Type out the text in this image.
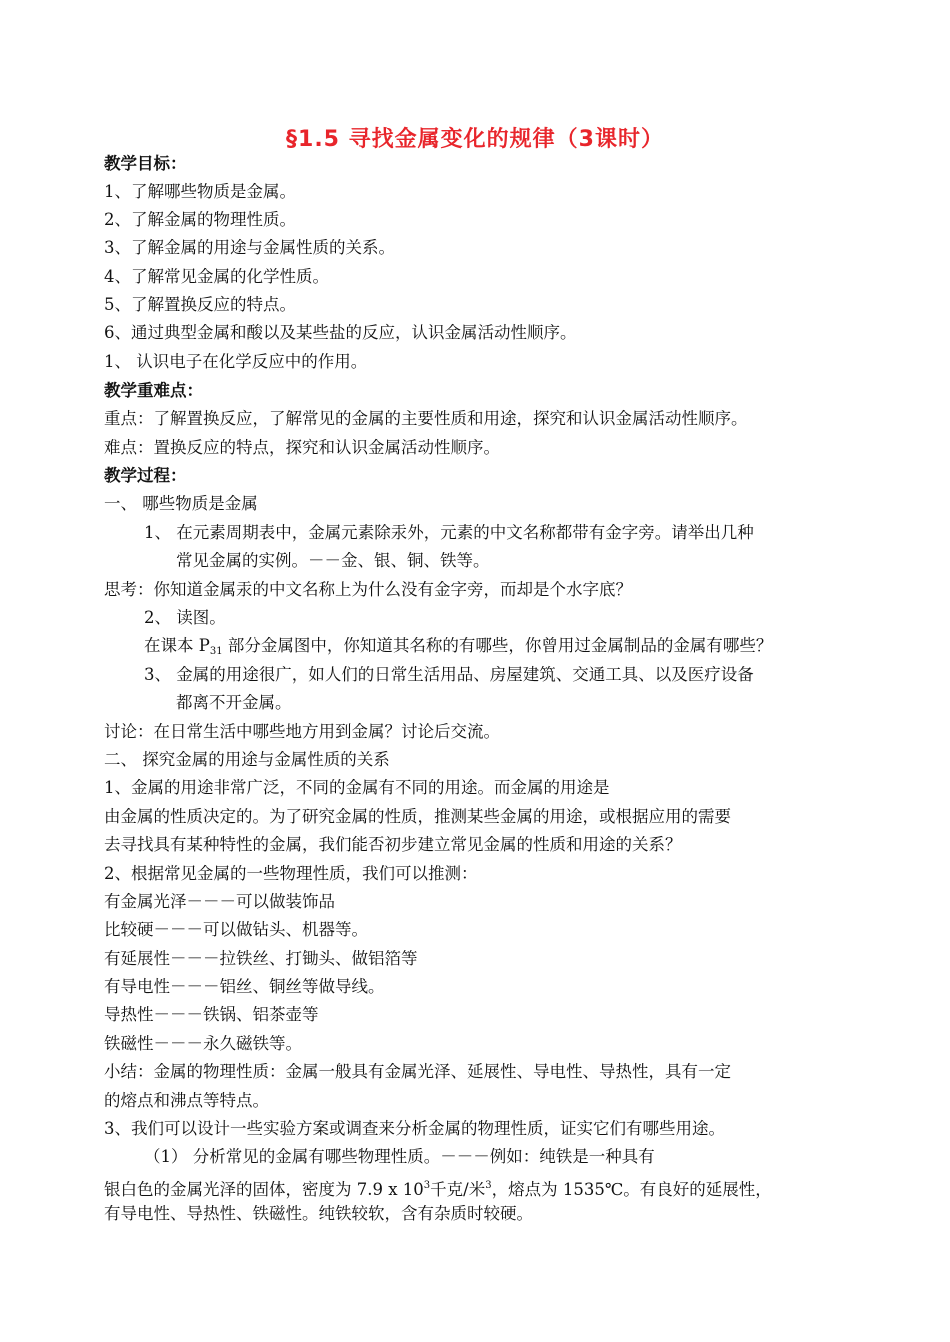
§1.5 寻找金属变化的规律（3课时）
教学目标：
1、了解哪些物质是金属。
2、了解金属的物理性质。
3、了解金属的用途与金属性质的关系。
4、了解常见金属的化学性质。
5、了解置换反应的特点。
6、通过典型金属和酸以及某些盐的反应，认识金属活动性顺序。
1、 认识电子在化学反应中的作用。
教学重难点：
重点：了解置换反应，了解常见的金属的主要性质和用途，探究和认识金属活动性顺序。
难点：置换反应的特点，探究和认识金属活动性顺序。
教学过程：
一、 哪些物质是金属
1、 在元素周期表中，金属元素除汞外，元素的中文名称都带有金字旁。请举出几种
常见金属的实例。－－金、银、铜、铁等。
思考：你知道金属汞的中文名称上为什么没有金字旁，而却是个水字底？
2、 读图。
在课本 $P_{31}$ 部分金属图中，你知道其名称的有哪些，你曾用过金属制品的金属有哪些？
3、 金属的用途很广，如人们的日常生活用品、房屋建筑、交通工具、以及医疗设备
都离不开金属。
讨论：在日常生活中哪些地方用到金属？讨论后交流。
二、 探究金属的用途与金属性质的关系
1、金属的用途非常广泛，不同的金属有不同的用途。而金属的用途是
由金属的性质决定的。为了研究金属的性质，推测某些金属的用途，或根据应用的需要
去寻找具有某种特性的金属，我们能否初步建立常见金属的性质和用途的关系？
2、根据常见金属的一些物理性质，我们可以推测：
有金属光泽－－－可以做装饰品
比较硬－－－可以做钻头、机器等。
有延展性－－－拉铁丝、打锄头、做铝箔等
有导电性－－－铝丝、铜丝等做导线。
导热性－－－铁锅、铝茶壶等
铁磁性－－－永久磁铁等。
小结：金属的物理性质：金属一般具有金属光泽、延展性、导电性、导热性，具有一定
的熔点和沸点等特点。
3、我们可以设计一些实验方案或调查来分析金属的物理性质，证实它们有哪些用途。
（1） 分析常见的金属有哪些物理性质。－－－例如：纯铁是一种具有
银白色的金属光泽的固体，密度为 7.9 x $10^3$千克/米$^3$，熔点为 1535℃。有良好的延展性，
有导电性、导热性、铁磁性。纯铁较软，含有杂质时较硬。
